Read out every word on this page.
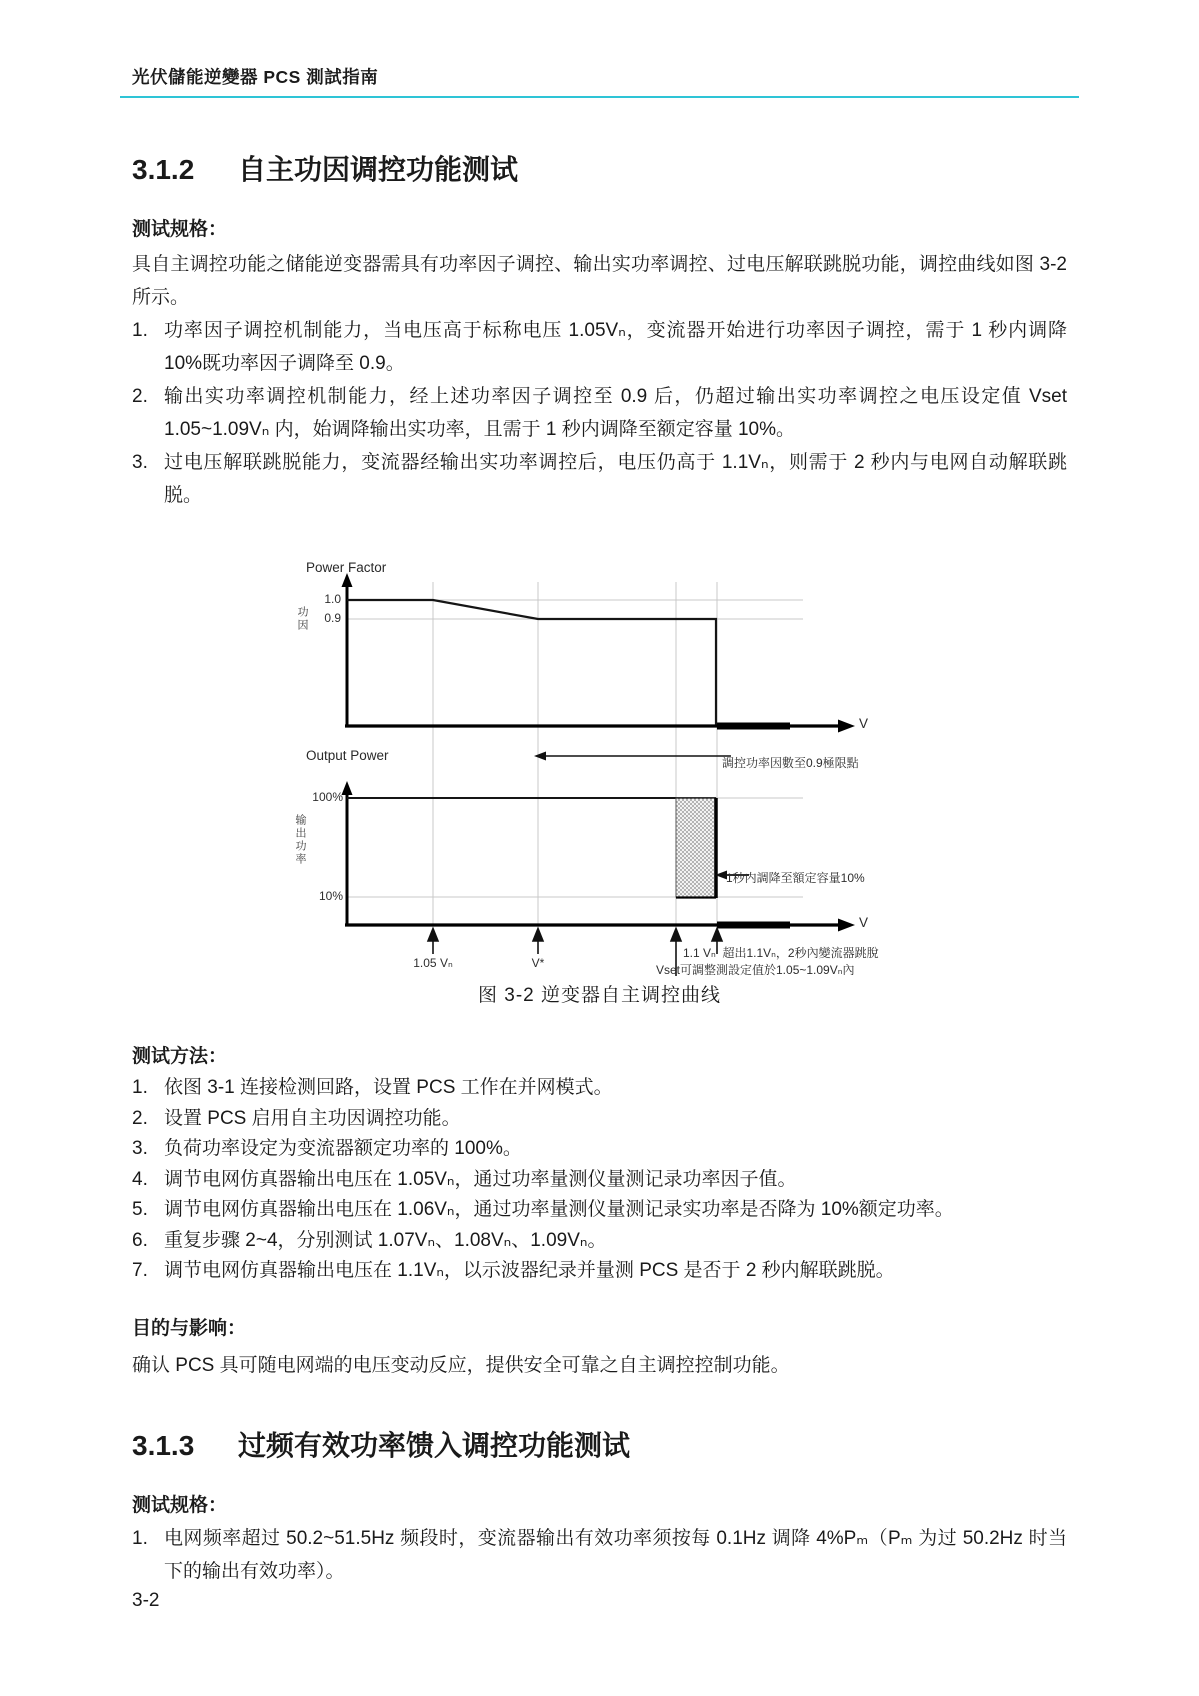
光伏儲能逆變器 PCS 測試指南
3.1.2 自主功因调控功能测试
测试规格：

具自主调控功能之储能逆变器需具有功率因子调控、输出实功率调控、过电压解联跳脱功能，调控曲线如图 3-2 所示。

1. 功率因子调控机制能力，当电压高于标称电压 1.05Vₙ，变流器开始进行功率因子调控，需于 1 秒内调降 10%既功率因子调降至 0.9。
2. 输出实功率调控机制能力，经上述功率因子调控至 0.9 后，仍超过输出实功率调控之电压设定值 Vset 1.05~1.09Vₙ 内，始调降输出实功率，且需于 1 秒内调降至额定容量 10%。
3. 过电压解联跳脱能力，变流器经输出实功率调控后，电压仍高于 1.1Vₙ，则需于 2 秒内与电网自动解联跳脱。
Power Factor
功因
1.0
0.9
V
調控功率因數至0.9極限點
Output Power
输出功率
100%
10%
1秒内調降至額定容量10%
1.05 Vₙ	V*
1.1 Vₙ  超出1.1Vₙ，2秒內變流器跳脫
Vset可調整測設定值於1.05~1.09Vₙ內
V
图 3-2 逆变器自主调控曲线
测试方法：
1. 依图 3-1 连接检测回路，设置 PCS 工作在并网模式。
2. 设置 PCS 启用自主功因调控功能。
3. 负荷功率设定为变流器额定功率的 100%。
4. 调节电网仿真器输出电压在 1.05Vₙ，通过功率量测仪量测记录功率因子值。
5. 调节电网仿真器输出电压在 1.06Vₙ，通过功率量测仪量测记录实功率是否降为 10%额定功率。
6. 重复步骤 2~4，分别测试 1.07Vₙ、1.08Vₙ、1.09Vₙ。
7. 调节电网仿真器输出电压在 1.1Vₙ，以示波器纪录并量测 PCS 是否于 2 秒内解联跳脱。
目的与影响：

确认 PCS 具可随电网端的电压变动反应，提供安全可靠之自主调控控制功能。

3.1.3 过频有效功率馈入调控功能测试
测试规格：
1. 电网频率超过 50.2~51.5Hz 频段时，变流器输出有效功率须按每 0.1Hz 调降 4%Pₘ（Pₘ 为过 50.2Hz 时当下的输出有效功率）。
3-2
